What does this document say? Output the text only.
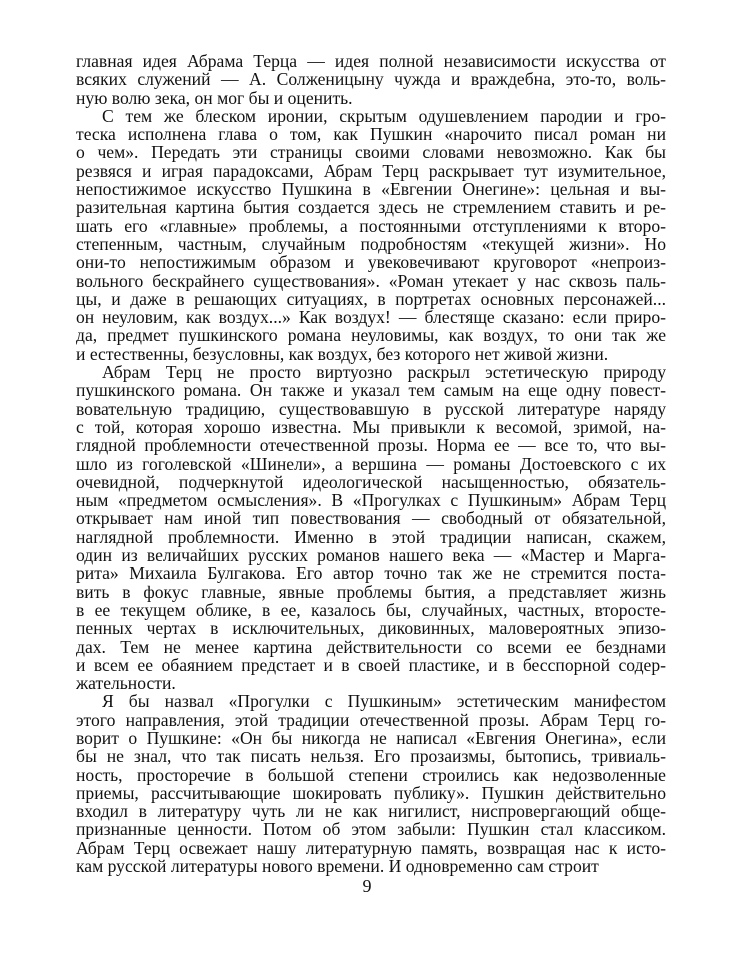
главная идея Абрама Терца — идея полной независимости искусства от
всяких служений — А. Солженицыну чужда и враждебна, это-то, воль-
ную волю зека, он мог бы и оценить.

С тем же блеском иронии, скрытым одушевлением пародии и гро-
теска исполнена глава о том, как Пушкин «нарочито писал роман ни
о чем». Передать эти страницы своими словами невозможно. Как бы
резвяся и играя парадоксами, Абрам Терц раскрывает тут изумительное,
непостижимое искусство Пушкина в «Евгении Онегине»: цельная и вы-
разительная картина бытия создается здесь не стремлением ставить и ре-
шать его «главные» проблемы, а постоянными отступлениями к второ-
степенным, частным, случайным подробностям «текущей жизни». Но
они-то непостижимым образом и увековечивают круговорот «непроиз-
вольного бескрайнего существования». «Роман утекает у нас сквозь паль-
цы, и даже в решающих ситуациях, в портретах основных персонажей...
он неуловим, как воздух...» Как воздух! — блестяще сказано: если приро-
да, предмет пушкинского романа неуловимы, как воздух, то они так же
и естественны, безусловны, как воздух, без которого нет живой жизни.

Абрам Терц не просто виртуозно раскрыл эстетическую природу
пушкинского романа. Он также и указал тем самым на еще одну повест-
вовательную традицию, существовавшую в русской литературе наряду
с той, которая хорошо известна. Мы привыкли к весомой, зримой, на-
глядной проблемности отечественной прозы. Норма ее — все то, что вы-
шло из гоголевской «Шинели», а вершина — романы Достоевского с их
очевидной, подчеркнутой идеологической насыщенностью, обязатель-
ным «предметом осмысления». В «Прогулках с Пушкиным» Абрам Терц
открывает нам иной тип повествования — свободный от обязательной,
наглядной проблемности. Именно в этой традиции написан, скажем,
один из величайших русских романов нашего века — «Мастер и Марга-
рита» Михаила Булгакова. Его автор точно так же не стремится поста-
вить в фокус главные, явные проблемы бытия, а представляет жизнь
в ее текущем облике, в ее, казалось бы, случайных, частных, второсте-
пенных чертах в исключительных, диковинных, маловероятных эпизо-
дах. Тем не менее картина действительности со всеми ее безднами
и всем ее обаянием предстает и в своей пластике, и в бесспорной содер-
жательности.

Я бы назвал «Прогулки с Пушкиным» эстетическим манифестом
этого направления, этой традиции отечественной прозы. Абрам Терц го-
ворит о Пушкине: «Он бы никогда не написал «Евгения Онегина», если
бы не знал, что так писать нельзя. Его прозаизмы, бытопись, тривиаль-
ность, просторечие в большой степени строились как недозволенные
приемы, рассчитывающие шокировать публику». Пушкин действительно
входил в литературу чуть ли не как нигилист, ниспровергающий обще-
признанные ценности. Потом об этом забыли: Пушкин стал классиком.
Абрам Терц освежает нашу литературную память, возвращая нас к исто-
кам русской литературы нового времени. И одновременно сам строит

9
